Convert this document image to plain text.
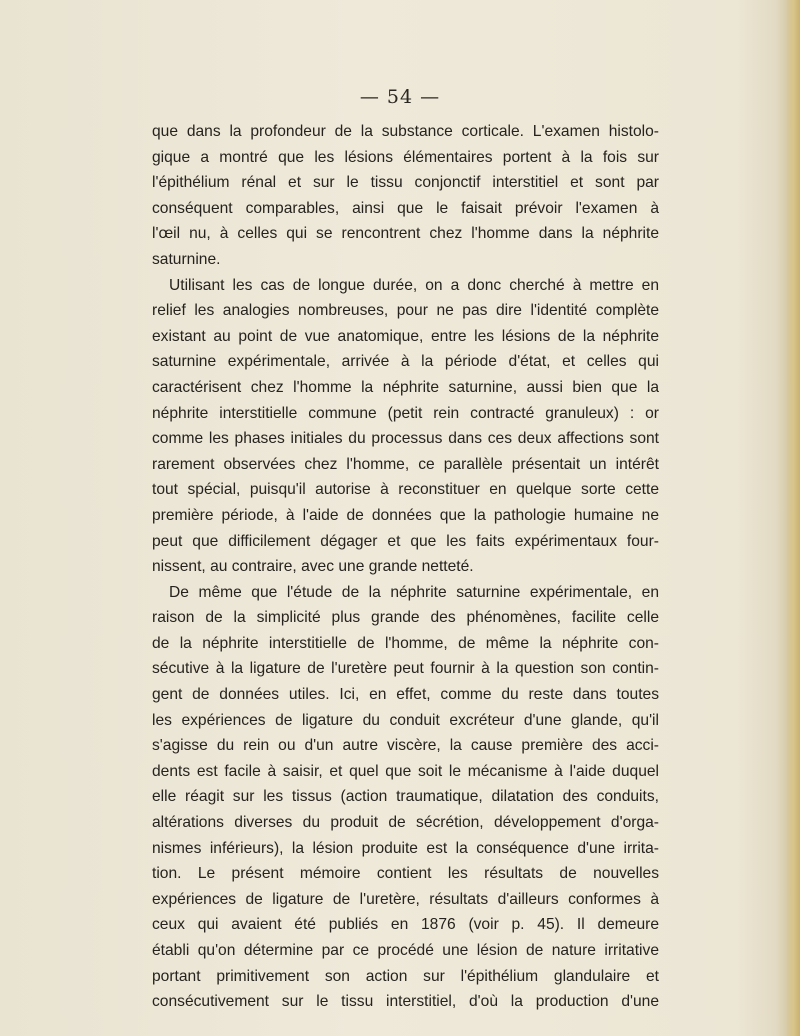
— 54 —
que dans la profondeur de la substance corticale. L'examen histolo-
gique a montré que les lésions élémentaires portent à la fois sur
l'épithélium rénal et sur le tissu conjonctif interstitiel et sont par
conséquent comparables, ainsi que le faisait prévoir l'examen à
l'œil nu, à celles qui se rencontrent chez l'homme dans la néphrite
saturnine.
Utilisant les cas de longue durée, on a donc cherché à mettre en
relief les analogies nombreuses, pour ne pas dire l'identité complète
existant au point de vue anatomique, entre les lésions de la néphrite
saturnine expérimentale, arrivée à la période d'état, et celles qui
caractérisent chez l'homme la néphrite saturnine, aussi bien que la
néphrite interstitielle commune (petit rein contracté granuleux) : or
comme les phases initiales du processus dans ces deux affections sont
rarement observées chez l'homme, ce parallèle présentait un intérêt
tout spécial, puisqu'il autorise à reconstituer en quelque sorte cette
première période, à l'aide de données que la pathologie humaine ne
peut que difficilement dégager et que les faits expérimentaux four-
nissent, au contraire, avec une grande netteté.
De même que l'étude de la néphrite saturnine expérimentale, en
raison de la simplicité plus grande des phénomènes, facilite celle
de la néphrite interstitielle de l'homme, de même la néphrite con-
sécutive à la ligature de l'uretère peut fournir à la question son contin-
gent de données utiles. Ici, en effet, comme du reste dans toutes
les expériences de ligature du conduit excréteur d'une glande, qu'il
s'agisse du rein ou d'un autre viscère, la cause première des acci-
dents est facile à saisir, et quel que soit le mécanisme à l'aide duquel
elle réagit sur les tissus (action traumatique, dilatation des conduits,
altérations diverses du produit de sécrétion, développement d'orga-
nismes inférieurs), la lésion produite est la conséquence d'une irrita-
tion. Le présent mémoire contient les résultats de nouvelles
expériences de ligature de l'uretère, résultats d'ailleurs conformes à
ceux qui avaient été publiés en 1876 (voir p. 45). Il demeure
établi qu'on détermine par ce procédé une lésion de nature irritative
portant primitivement son action sur l'épithélium glandulaire et
consécutivement sur le tissu interstitiel, d'où la production d'une
